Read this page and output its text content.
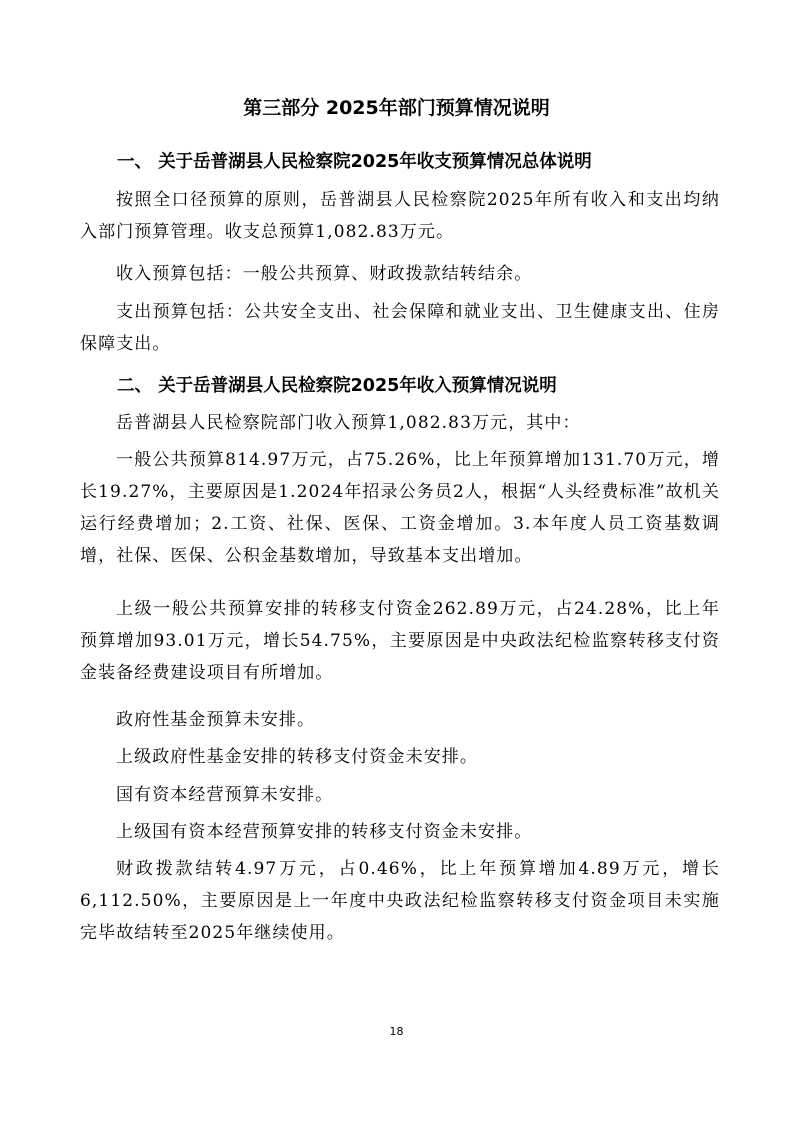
第三部分 2025年部门预算情况说明
一、 关于岳普湖县人民检察院2025年收支预算情况总体说明
按照全口径预算的原则，岳普湖县人民检察院2025年所有收入和支出均纳入部门预算管理。收支总预算1,082.83万元。
收入预算包括：一般公共预算、财政拨款结转结余。
支出预算包括：公共安全支出、社会保障和就业支出、卫生健康支出、住房保障支出。
二、 关于岳普湖县人民检察院2025年收入预算情况说明
岳普湖县人民检察院部门收入预算1,082.83万元，其中：
一般公共预算814.97万元，占75.26%，比上年预算增加131.70万元，增长19.27%，主要原因是1.2024年招录公务员2人，根据“人头经费标准”故机关运行经费增加；2.工资、社保、医保、工资金增加。3.本年度人员工资基数调增，社保、医保、公积金基数增加，导致基本支出增加。
上级一般公共预算安排的转移支付资金262.89万元，占24.28%，比上年预算增加93.01万元，增长54.75%，主要原因是中央政法纪检监察转移支付资金装备经费建设项目有所增加。
政府性基金预算未安排。
上级政府性基金安排的转移支付资金未安排。
国有资本经营预算未安排。
上级国有资本经营预算安排的转移支付资金未安排。
财政拨款结转4.97万元，占0.46%，比上年预算增加4.89万元，增长6,112.50%，主要原因是上一年度中央政法纪检监察转移支付资金项目未实施完毕故结转至2025年继续使用。
18
